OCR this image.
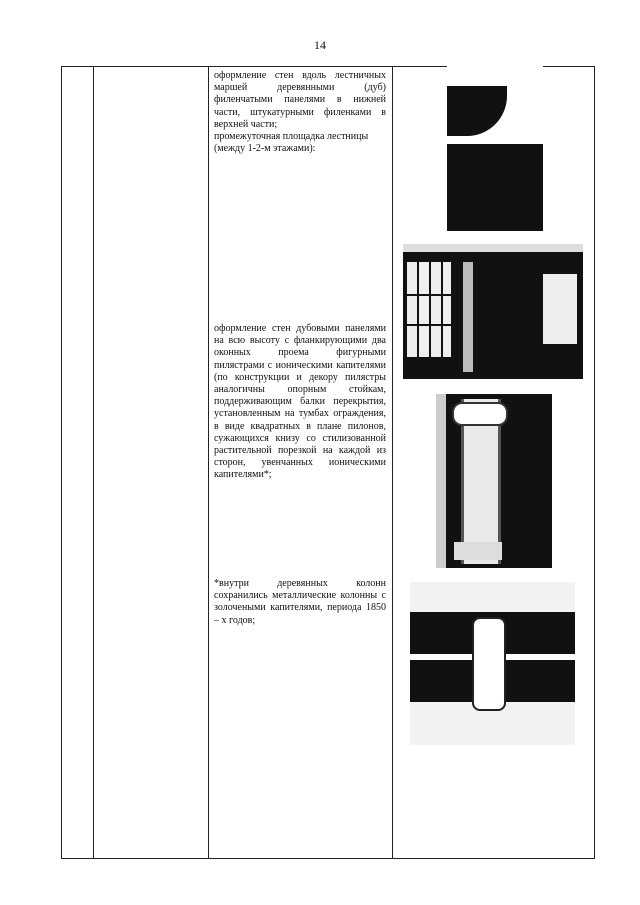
14

оформление стен вдоль лестничных маршей деревянными (дуб) филенчатыми панелями в нижней части, штукатурными филенками в верхней части;

промежуточная площадка лестницы (между 1-2-м этажами):

оформление стен дубовыми панелями на всю высоту с фланкирующими два оконных проема фигурными пилястрами с ионическими капителями (по конструкции и декору пилястры аналогичны опорным стойкам, поддерживающим балки перекрытия, установленным на тумбах ограждения, в виде квадратных в плане пилонов, сужающихся книзу со стилизованной растительной порезкой на каждой из сторон, увенчанных ионическими капителями*;

*внутри деревянных колонн сохранились металлические колонны с золочеными капителями, периода 1850 – х годов;
